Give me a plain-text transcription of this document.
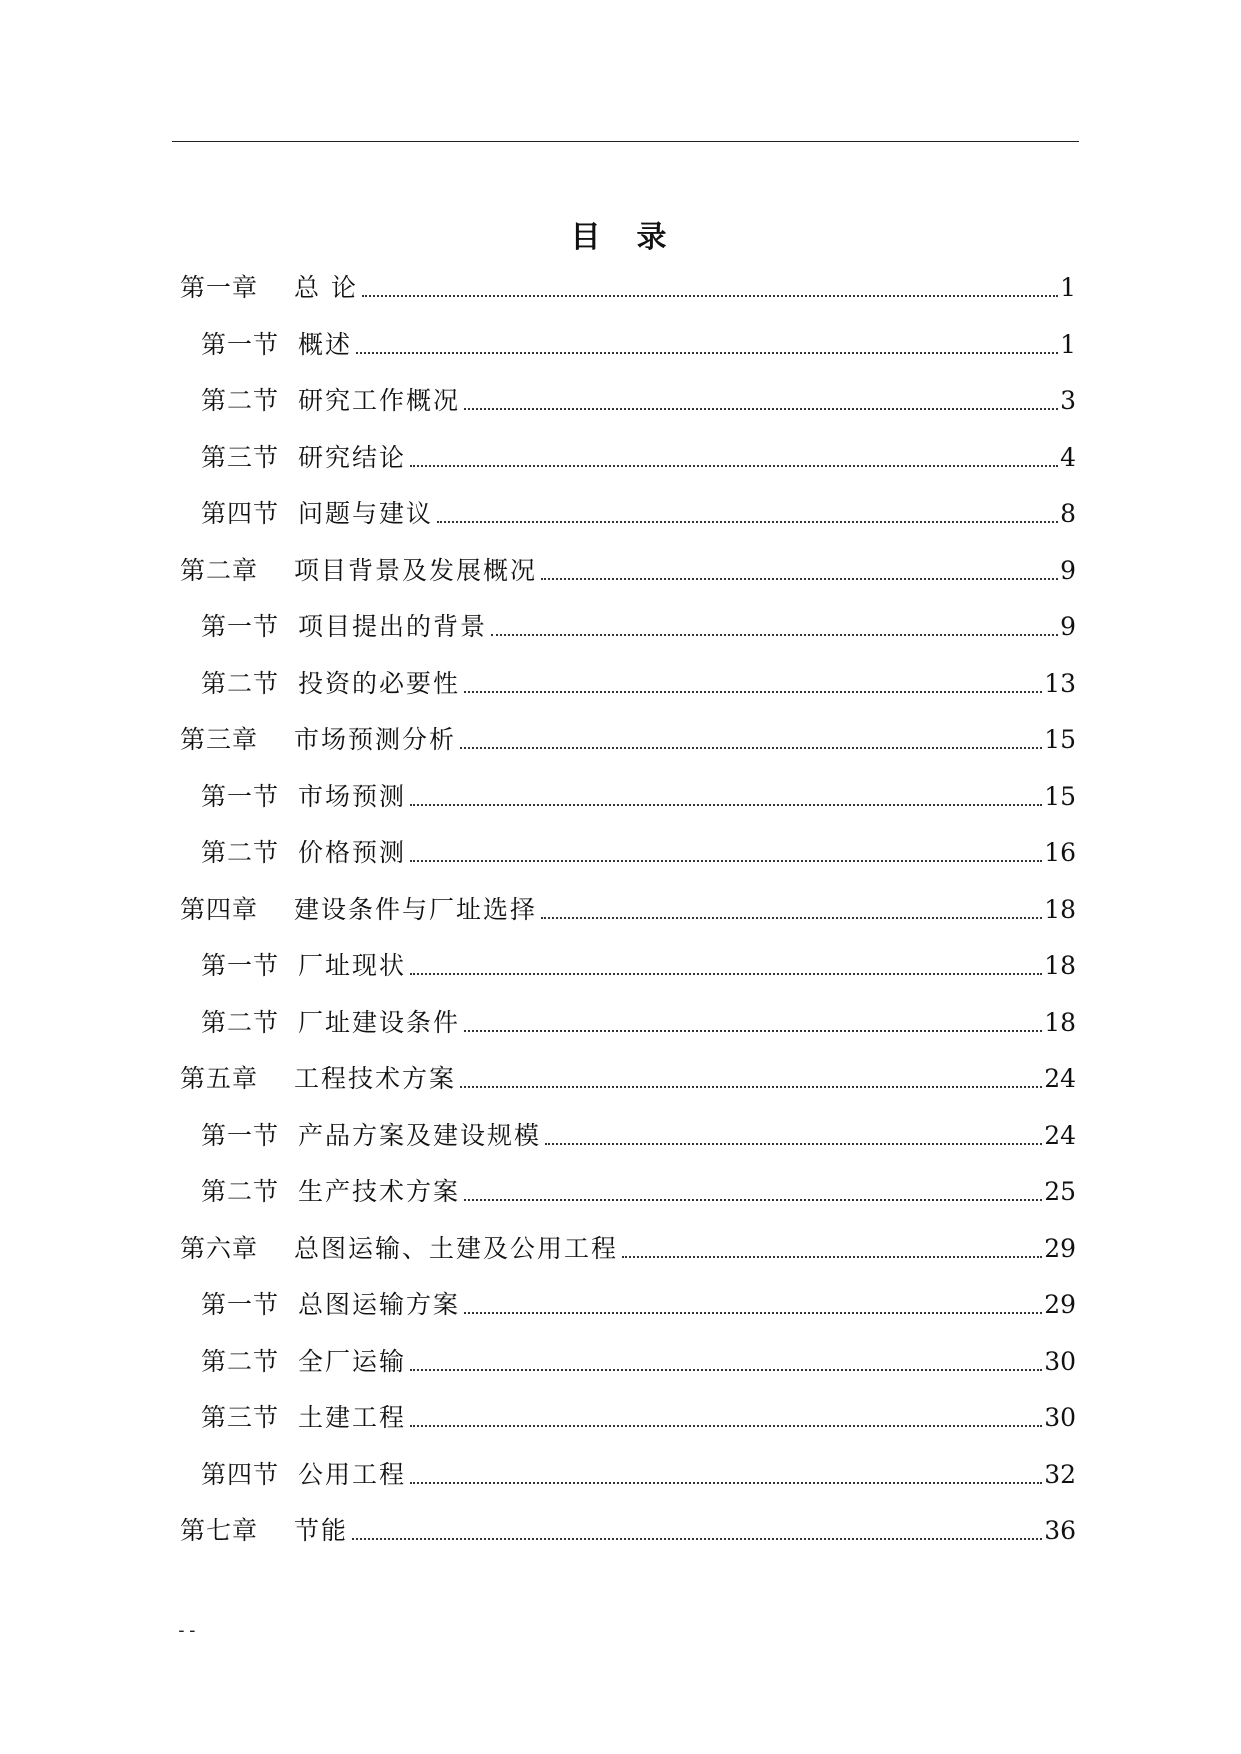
目 录
第一章	总 论	1
第一节 概述	1
第二节 研究工作概况	3
第三节 研究结论	4
第四节 问题与建议	8
第二章	项目背景及发展概况	9
第一节 项目提出的背景	9
第二节 投资的必要性	13
第三章	市场预测分析	15
第一节 市场预测	15
第二节 价格预测	16
第四章	建设条件与厂址选择	18
第一节 厂址现状	18
第二节 厂址建设条件	18
第五章	工程技术方案	24
第一节 产品方案及建设规模	24
第二节 生产技术方案	25
第六章	总图运输、土建及公用工程	29
第一节 总图运输方案	29
第二节 全厂运输	30
第三节 土建工程	30
第四节 公用工程	32
第七章	节能	36
--
